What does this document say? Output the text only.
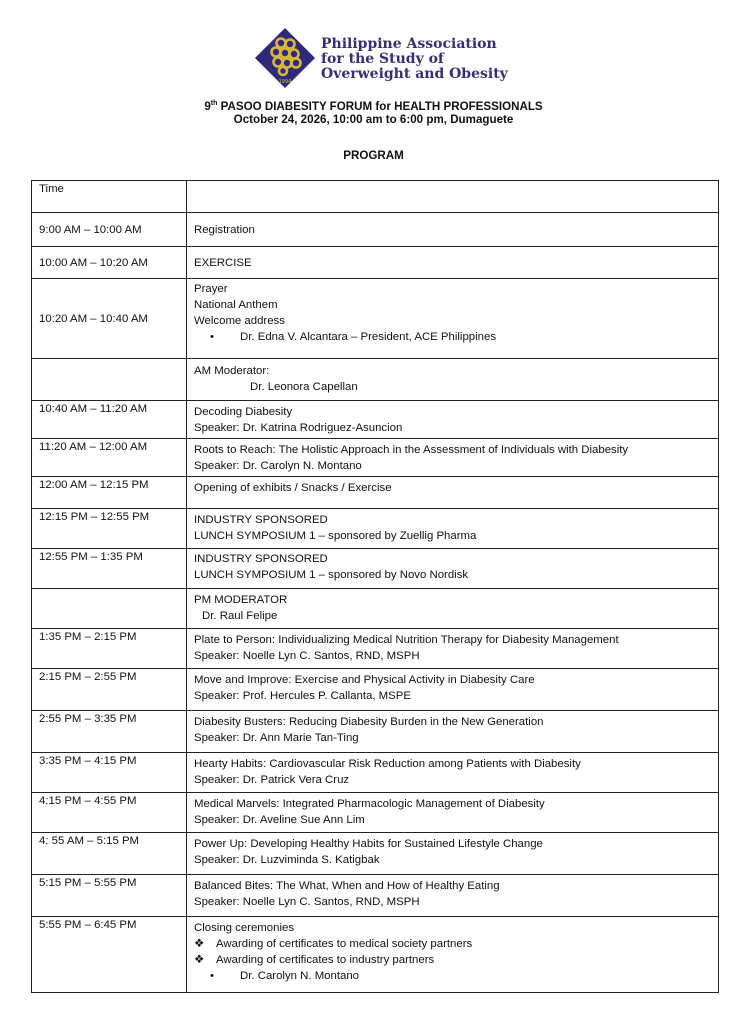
1994
Philippine Association
for the Study of
Overweight and Obesity
9th PASOO DIABESITY FORUM for HEALTH PROFESSIONALS
October 24, 2026, 10:00 am to 6:00 pm, Dumaguete
PROGRAM
Time	
9:00 AM – 10:00 AM	Registration

10:00 AM – 10:20 AM	EXERCISE

10:20 AM – 10:40 AM	Prayer
National Anthem
Welcome address
• Dr. Edna V. Alcantara – President, ACE Philippines

	AM Moderator:
Dr. Leonora Capellan

10:40 AM – 11:20 AM	Decoding Diabesity
Speaker: Dr. Katrina Rodriguez-Asuncion

11:20 AM – 12:00 AM	Roots to Reach: The Holistic Approach in the Assessment of Individuals with Diabesity
Speaker: Dr. Carolyn N. Montano

12:00 AM – 12:15 PM	Opening of exhibits / Snacks / Exercise

12:15 PM – 12:55 PM	INDUSTRY SPONSORED
LUNCH SYMPOSIUM 1 – sponsored by Zuellig Pharma

12:55 PM – 1:35 PM	INDUSTRY SPONSORED
LUNCH SYMPOSIUM 1 – sponsored by Novo Nordisk

	PM MODERATOR
Dr. Raul Felipe

1:35 PM – 2:15 PM	Plate to Person: Individualizing Medical Nutrition Therapy for Diabesity Management
Speaker: Noelle Lyn C. Santos, RND, MSPH

2:15 PM – 2:55 PM	Move and Improve: Exercise and Physical Activity in Diabesity Care
Speaker: Prof. Hercules P. Callanta, MSPE

2:55 PM – 3:35 PM	Diabesity Busters: Reducing Diabesity Burden in the New Generation
Speaker: Dr. Ann Marie Tan-Ting

3:35 PM – 4:15 PM	Hearty Habits: Cardiovascular Risk Reduction among Patients with Diabesity
Speaker: Dr. Patrick Vera Cruz

4:15 PM – 4:55 PM	Medical Marvels: Integrated Pharmacologic Management of Diabesity
Speaker: Dr. Aveline Sue Ann Lim

4: 55 AM – 5:15 PM	Power Up: Developing Healthy Habits for Sustained Lifestyle Change
Speaker: Dr. Luzviminda S. Katigbak

5:15 PM – 5:55 PM	Balanced Bites: The What, When and How of Healthy Eating
Speaker: Noelle Lyn C. Santos, RND, MSPH

5:55 PM – 6:45 PM	Closing ceremonies
❖ Awarding of certificates to medical society partners
❖ Awarding of certificates to industry partners
• Dr. Carolyn N. Montano
